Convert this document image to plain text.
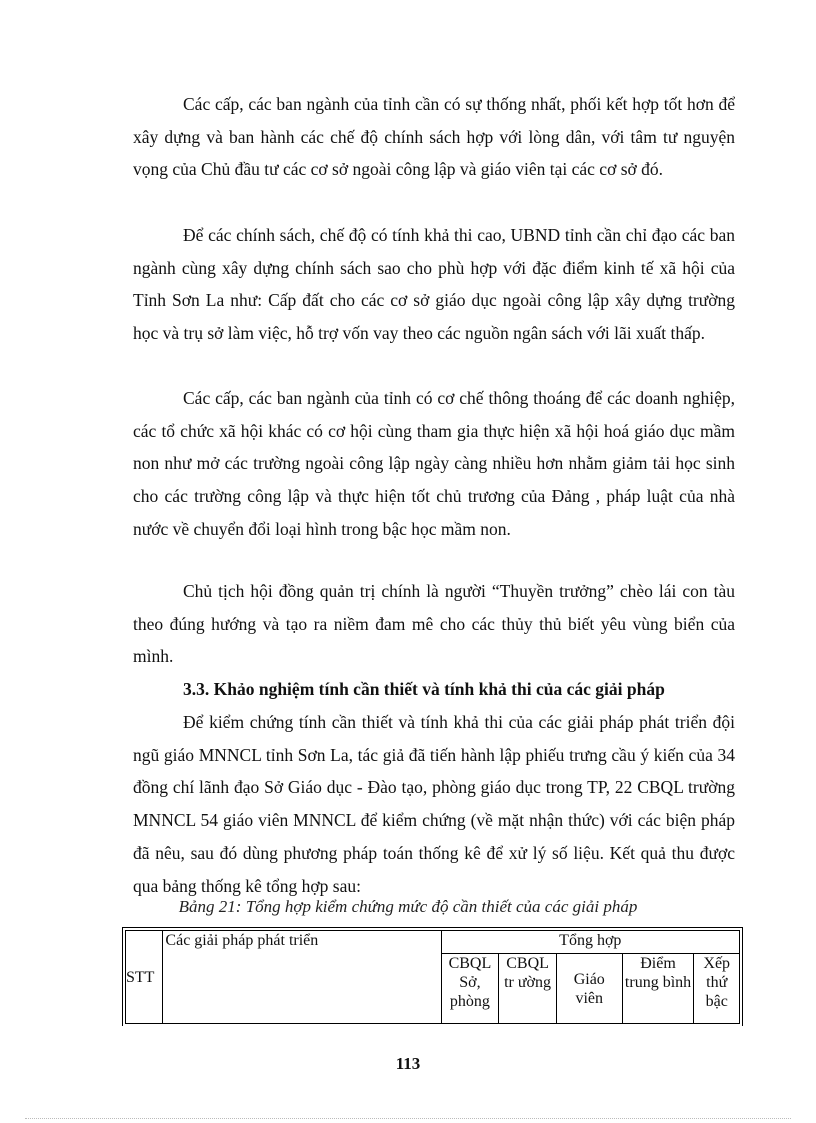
Các cấp, các ban ngành của tỉnh cần có sự thống nhất, phối kết hợp tốt hơn để xây dựng và ban hành các chế độ chính sách hợp với lòng dân, với tâm tư nguyện vọng của Chủ đầu tư các cơ sở ngoài công lập và giáo viên tại các cơ sở đó.

Để các chính sách, chế độ có tính khả thi cao, UBND tỉnh cần chỉ đạo các ban ngành cùng xây dựng chính sách sao cho phù hợp với đặc điểm kinh tế xã hội của Tỉnh Sơn La như: Cấp đất cho các cơ sở giáo dục ngoài công lập xây dựng trường học và trụ sở làm việc, hỗ trợ vốn vay theo các nguồn ngân sách với lãi xuất thấp.

Các cấp, các ban ngành của tỉnh có cơ chế thông thoáng để các doanh nghiệp, các tổ chức xã hội khác có cơ hội cùng tham gia thực hiện xã hội hoá giáo dục mầm non như mở các trường ngoài công lập ngày càng nhiều hơn nhằm giảm tải học sinh cho các trường công lập và thực hiện tốt chủ trương của Đảng , pháp luật của nhà nước về chuyển đổi loại hình trong bậc học mầm non.

Chủ tịch hội đồng quản trị chính là người “Thuyền trưởng” chèo lái con tàu theo đúng hướng và tạo ra niềm đam mê cho các thủy thủ biết yêu vùng biển của mình.

3.3. Khảo nghiệm tính cần thiết và tính khả thi của các giải pháp

Để kiểm chứng tính cần thiết và tính khả thi của các giải pháp phát triển đội ngũ giáo MNNCL tỉnh Sơn La, tác giả đã tiến hành lập phiếu trưng cầu ý kiến của 34 đồng chí lãnh đạo Sở Giáo dục - Đào tạo, phòng giáo dục trong TP, 22 CBQL trường MNNCL 54 giáo viên MNNCL để kiểm chứng (về mặt nhận thức) với các biện pháp đã nêu, sau đó dùng phương pháp toán thống kê để xử lý số liệu. Kết quả thu được qua bảng thống kê tổng hợp sau:

Bảng 21: Tổng hợp kiểm chứng mức độ cần thiết của các giải pháp

STT	Các giải pháp phát triển	Tổng hợp				
		CBQL Sở, phòng	CBQL tr ường	Giáo viên	Điểm trung bình	Xếp thứ bậc
113
